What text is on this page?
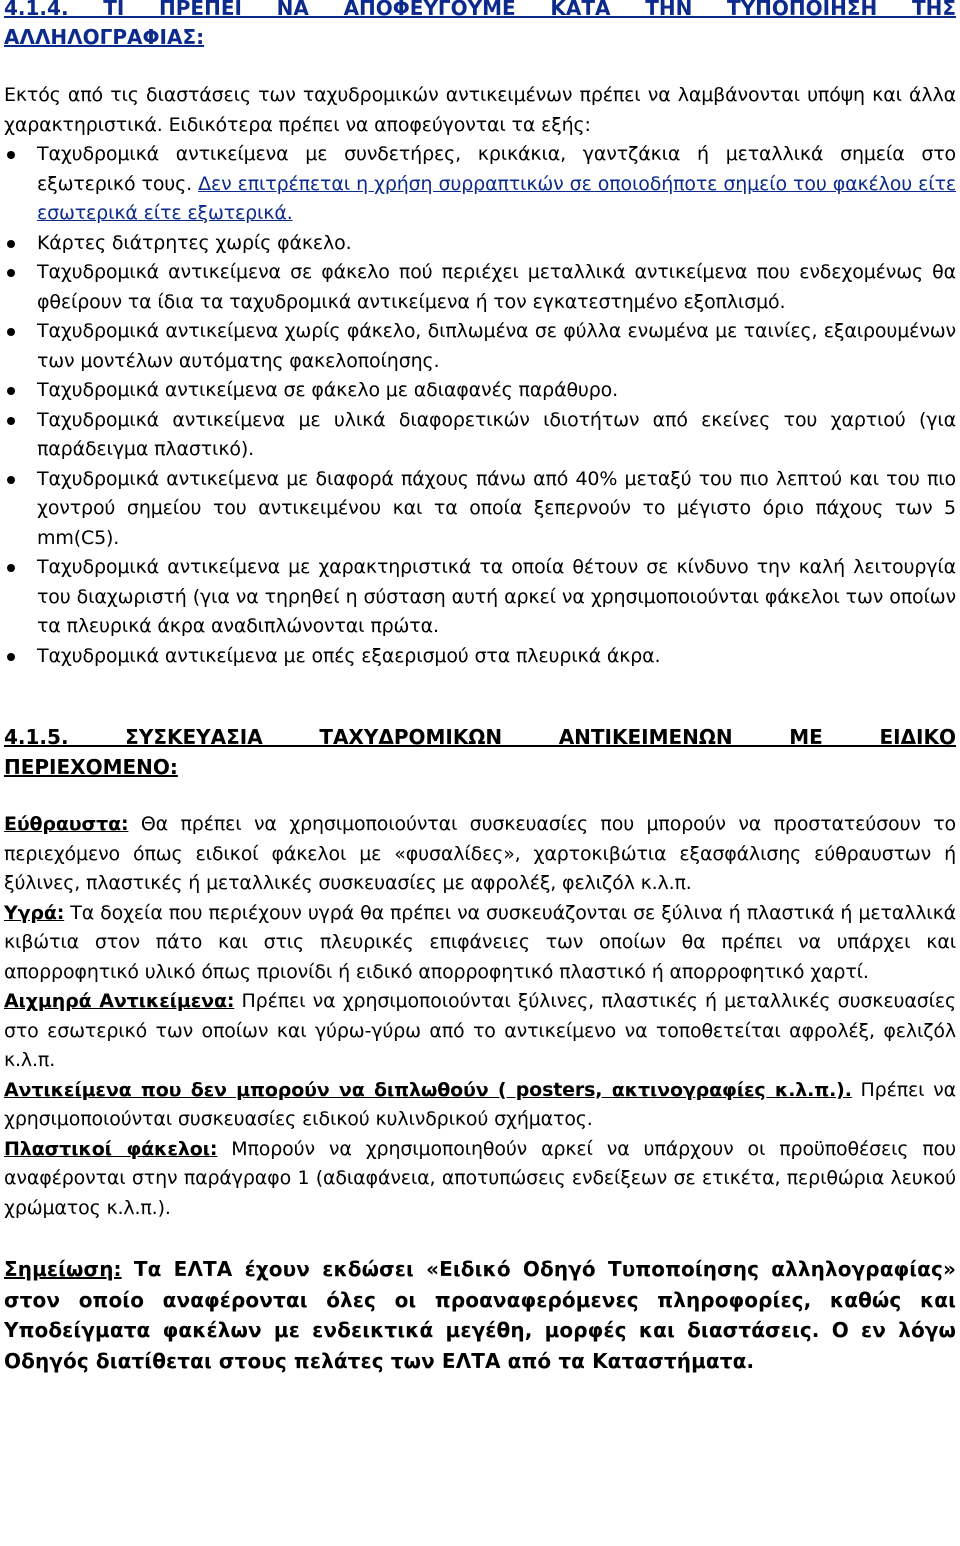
4.1.4. ΤΙ ΠΡΕΠΕΙ ΝΑ ΑΠΟΦΕΥΓΟΥΜΕ ΚΑΤΑ ΤΗΝ ΤΥΠΟΠΟΙΗΣΗ ΤΗΣ
ΑΛΛΗΛΟΓΡΑΦΙΑΣ:

Εκτός από τις διαστάσεις των ταχυδρομικών αντικειμένων πρέπει να λαμβάνονται υπόψη και άλλα χαρακτηριστικά. Ειδικότερα πρέπει να αποφεύγονται τα εξής:

Ταχυδρομικά αντικείμενα με συνδετήρες, κρικάκια, γαντζάκια ή μεταλλικά σημεία στο εξωτερικό τους. Δεν επιτρέπεται η χρήση συρραπτικών σε οποιοδήποτε σημείο του φακέλου είτε εσωτερικά είτε εξωτερικά.
Κάρτες διάτρητες χωρίς φάκελο.
Ταχυδρομικά αντικείμενα σε φάκελο πού περιέχει μεταλλικά αντικείμενα που ενδεχομένως θα φθείρουν τα ίδια τα ταχυδρομικά αντικείμενα ή τον εγκατεστημένο εξοπλισμό.
Ταχυδρομικά αντικείμενα χωρίς φάκελο, διπλωμένα σε φύλλα ενωμένα με ταινίες, εξαιρουμένων των μοντέλων αυτόματης φακελοποίησης.
Ταχυδρομικά αντικείμενα σε φάκελο με αδιαφανές παράθυρο.
Ταχυδρομικά αντικείμενα με υλικά διαφορετικών ιδιοτήτων από εκείνες του χαρτιού (για παράδειγμα πλαστικό).
Ταχυδρομικά αντικείμενα με διαφορά πάχους πάνω από 40% μεταξύ του πιο λεπτού και του πιο χοντρού σημείου του αντικειμένου και τα οποία ξεπερνούν το μέγιστο όριο πάχους των 5 mm(C5).
Ταχυδρομικά αντικείμενα με χαρακτηριστικά τα οποία θέτουν σε κίνδυνο την καλή λειτουργία του διαχωριστή (για να τηρηθεί η σύσταση αυτή αρκεί να χρησιμοποιούνται φάκελοι των οποίων τα πλευρικά άκρα αναδιπλώνονται πρώτα.
Ταχυδρομικά αντικείμενα με οπές εξαερισμού στα πλευρικά άκρα.
4.1.5. ΣΥΣΚΕΥΑΣΙΑ ΤΑΧΥΔΡΟΜΙΚΩΝ ΑΝΤΙΚΕΙΜΕΝΩΝ ΜΕ ΕΙΔΙΚΟ
ΠΕΡΙΕΧΟΜΕΝΟ:

Εύθραυστα: Θα πρέπει να χρησιμοποιούνται συσκευασίες που μπορούν να προστατεύσουν το περιεχόμενο όπως ειδικοί φάκελοι με «φυσαλίδες», χαρτοκιβώτια εξασφάλισης εύθραυστων ή ξύλινες, πλαστικές ή μεταλλικές συσκευασίες με αφρολέξ, φελιζόλ κ.λ.π.

Υγρά: Τα δοχεία που περιέχουν υγρά θα πρέπει να συσκευάζονται σε ξύλινα ή πλαστικά ή μεταλλικά κιβώτια στον πάτο και στις πλευρικές επιφάνειες των οποίων θα πρέπει να υπάρχει και απορροφητικό υλικό όπως πριονίδι ή ειδικό απορροφητικό πλαστικό ή απορροφητικό χαρτί.

Αιχμηρά Αντικείμενα: Πρέπει να χρησιμοποιούνται ξύλινες, πλαστικές ή μεταλλικές συσκευασίες στο εσωτερικό των οποίων και γύρω-γύρω από το αντικείμενο να τοποθετείται αφρολέξ, φελιζόλ κ.λ.π.

Αντικείμενα που δεν μπορούν να διπλωθούν ( posters, ακτινογραφίες κ.λ.π.). Πρέπει να χρησιμοποιούνται συσκευασίες ειδικού κυλινδρικού σχήματος.

Πλαστικοί φάκελοι: Μπορούν να χρησιμοποιηθούν αρκεί να υπάρχουν οι προϋποθέσεις που αναφέρονται στην παράγραφο 1 (αδιαφάνεια, αποτυπώσεις ενδείξεων σε ετικέτα, περιθώρια λευκού χρώματος κ.λ.π.).

Σημείωση: Τα ΕΛΤΑ έχουν εκδώσει «Ειδικό Οδηγό Τυποποίησης αλληλογραφίας» στον οποίο αναφέρονται όλες οι προαναφερόμενες πληροφορίες, καθώς και Υποδείγματα φακέλων με ενδεικτικά μεγέθη, μορφές και διαστάσεις. Ο εν λόγω Οδηγός διατίθεται στους πελάτες των ΕΛΤΑ από τα Καταστήματα.
